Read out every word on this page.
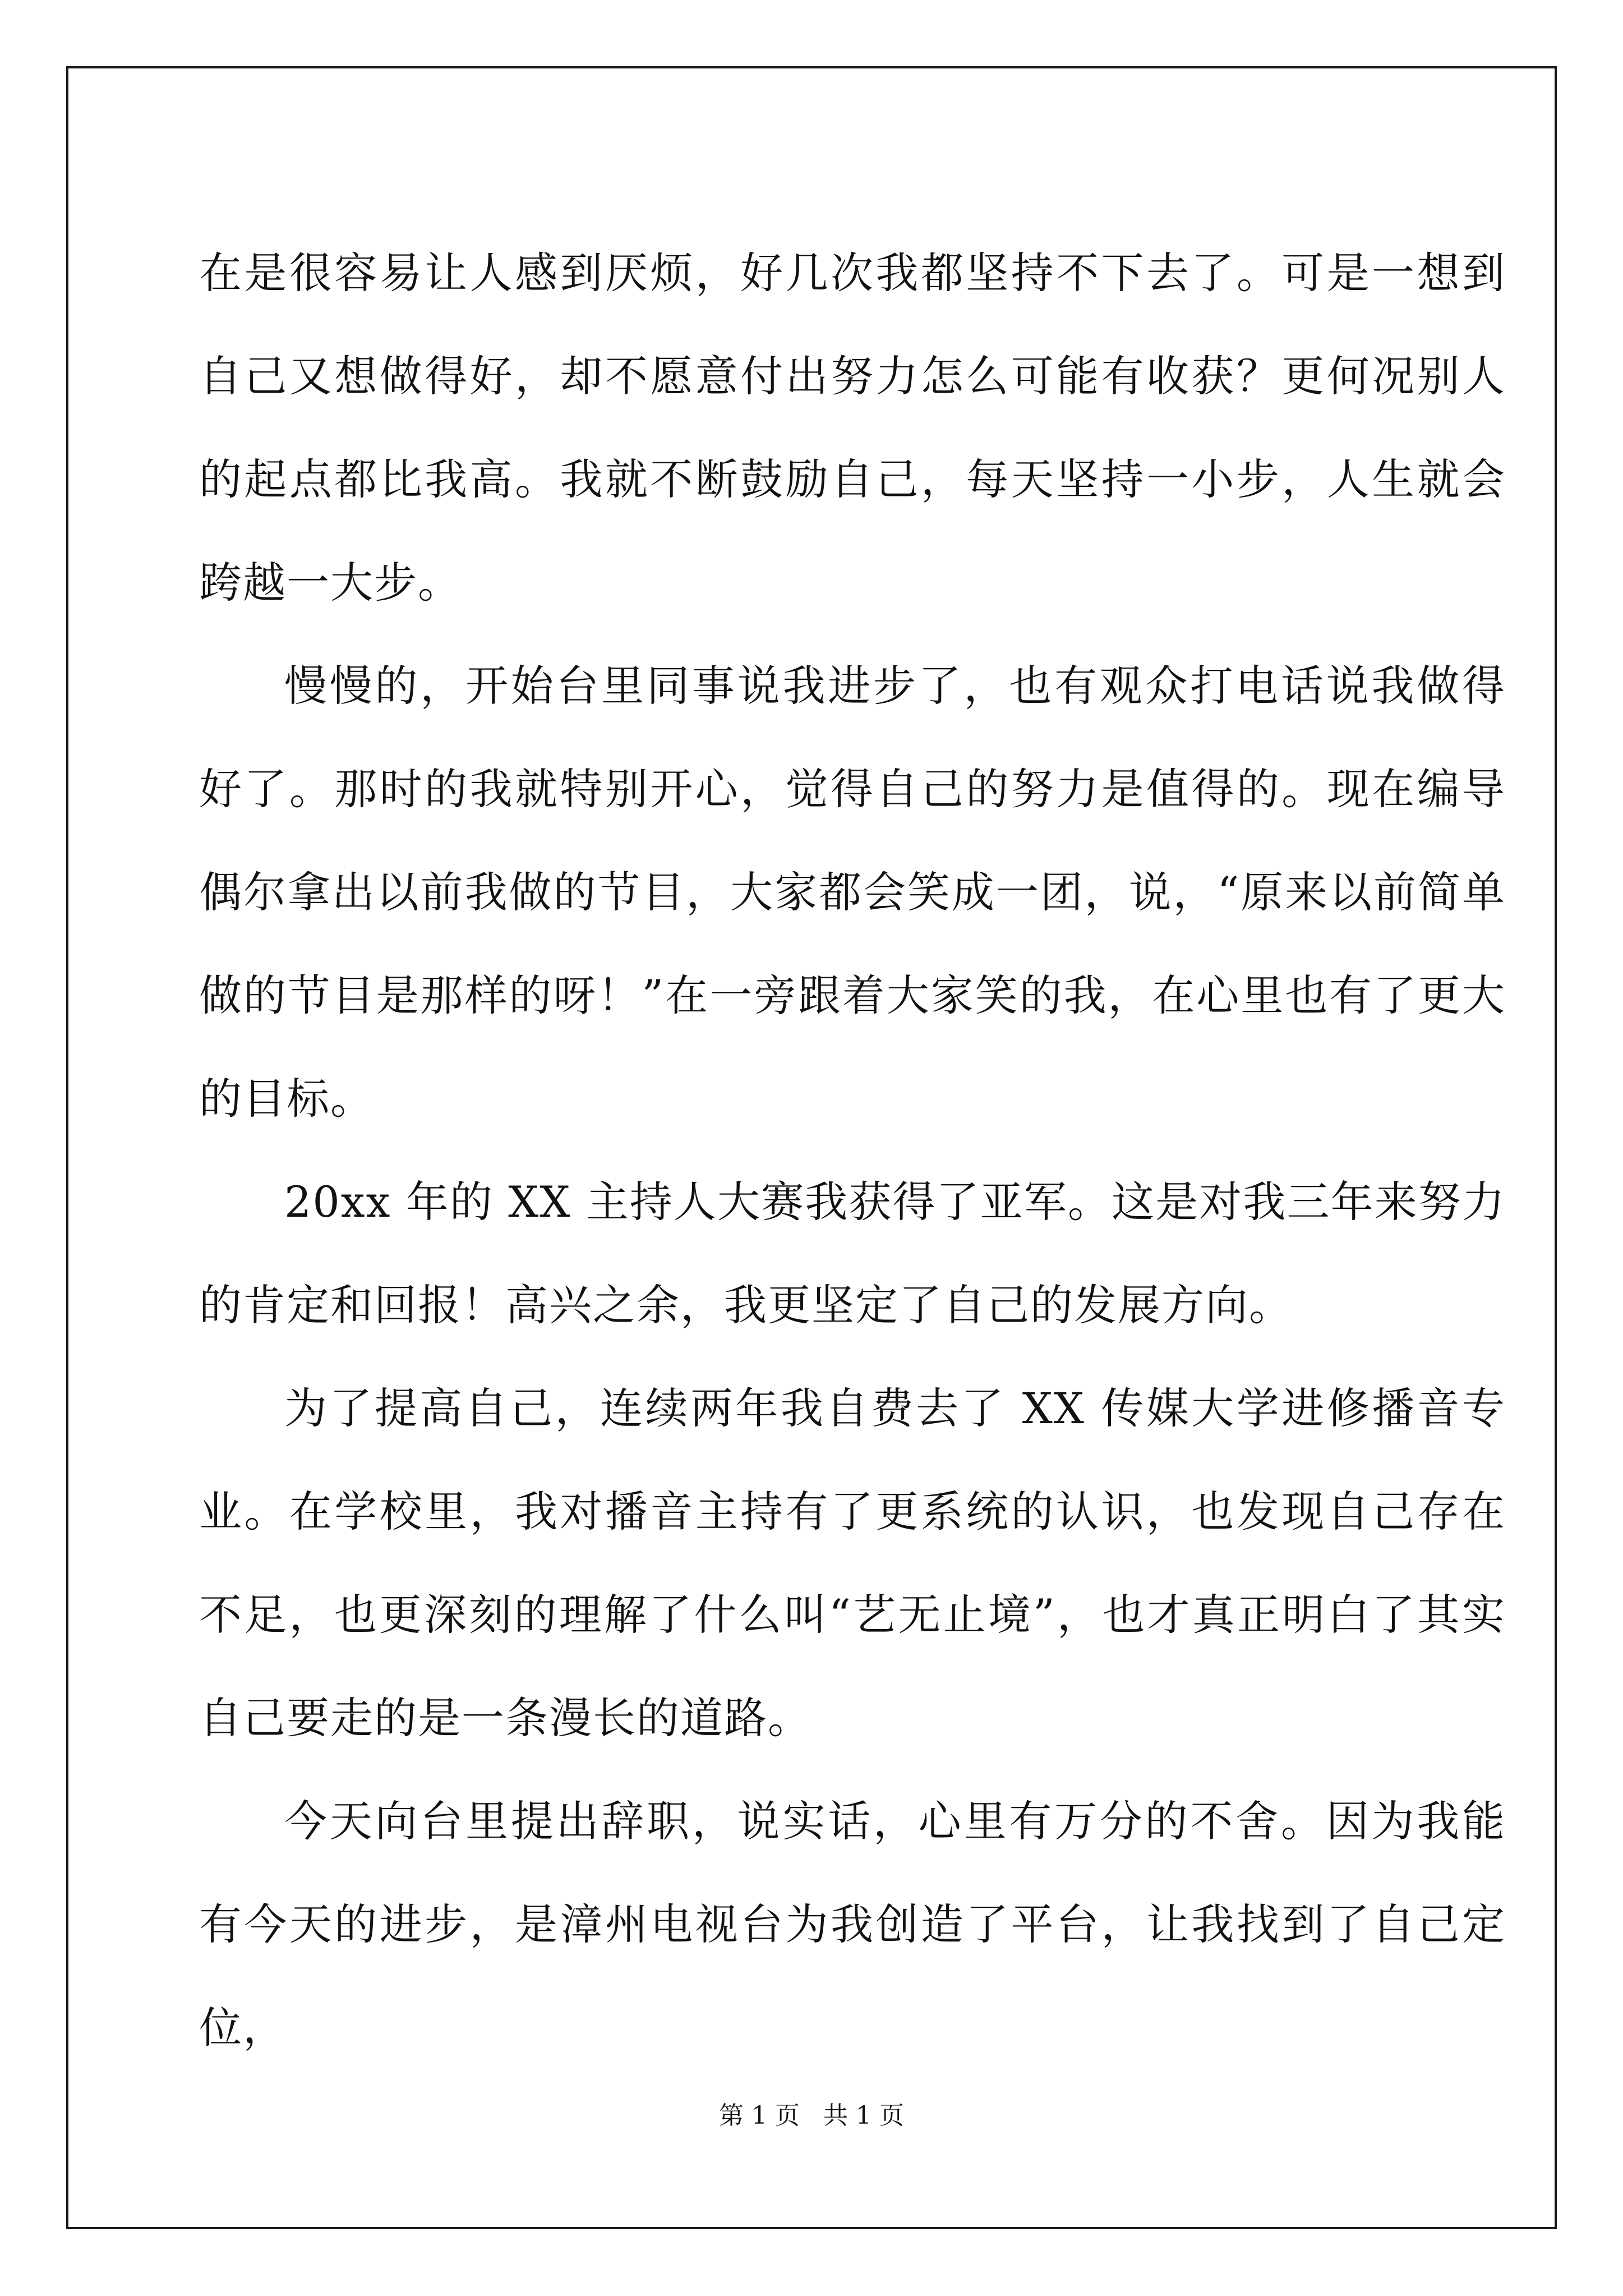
在是很容易让人感到厌烦，好几次我都坚持不下去了。可是一想到自己又想做得好，却不愿意付出努力怎么可能有收获？更何况别人的起点都比我高。我就不断鼓励自己，每天坚持一小步，人生就会跨越一大步。

慢慢的，开始台里同事说我进步了，也有观众打电话说我做得好了。那时的我就特别开心，觉得自己的努力是值得的。现在编导偶尔拿出以前我做的节目，大家都会笑成一团，说，“原来以前简单做的节目是那样的呀！”在一旁跟着大家笑的我，在心里也有了更大的目标。

20xx 年的 XX 主持人大赛我获得了亚军。这是对我三年来努力的肯定和回报！高兴之余，我更坚定了自己的发展方向。

为了提高自己，连续两年我自费去了 XX 传媒大学进修播音专业。在学校里，我对播音主持有了更系统的认识，也发现自己存在不足，也更深刻的理解了什么叫“艺无止境”，也才真正明白了其实自己要走的是一条漫长的道路。

今天向台里提出辞职，说实话，心里有万分的不舍。因为我能有今天的进步，是漳州电视台为我创造了平台，让我找到了自己定位，

第 1 页   共 1 页
